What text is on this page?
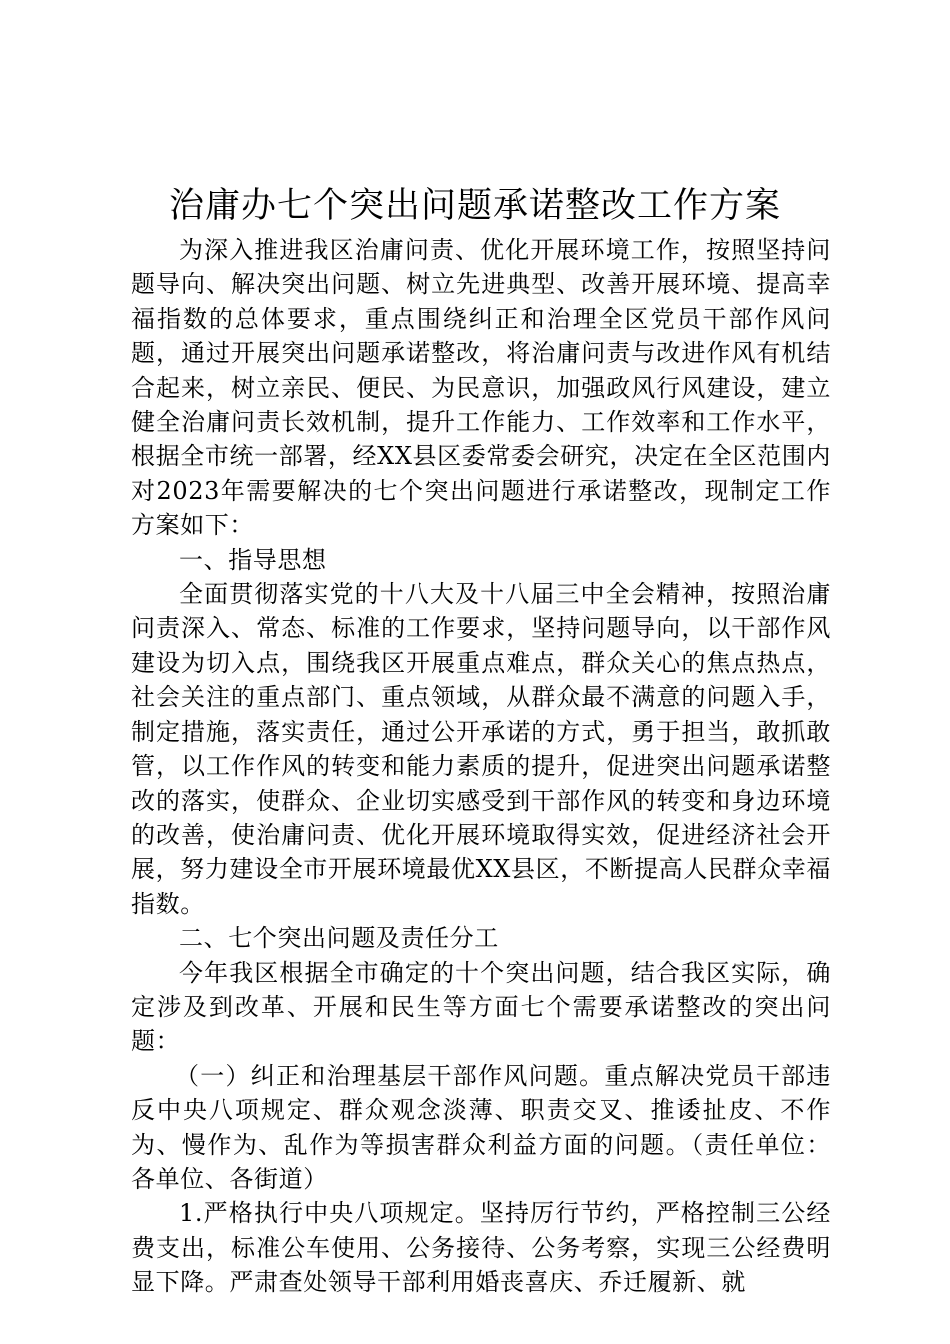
治庸办七个突出问题承诺整改工作方案

为深入推进我区治庸问责、优化开展环境工作，按照坚持问题导向、解决突出问题、树立先进典型、改善开展环境、提高幸福指数的总体要求，重点围绕纠正和治理全区党员干部作风问题，通过开展突出问题承诺整改，将治庸问责与改进作风有机结合起来，树立亲民、便民、为民意识，加强政风行风建设，建立健全治庸问责长效机制，提升工作能力、工作效率和工作水平，根据全市统一部署，经XX县区委常委会研究，决定在全区范围内对2023年需要解决的七个突出问题进行承诺整改，现制定工作方案如下：

一、指导思想

全面贯彻落实党的十八大及十八届三中全会精神，按照治庸问责深入、常态、标准的工作要求，坚持问题导向，以干部作风建设为切入点，围绕我区开展重点难点，群众关心的焦点热点，社会关注的重点部门、重点领域，从群众最不满意的问题入手，制定措施，落实责任，通过公开承诺的方式，勇于担当，敢抓敢管，以工作作风的转变和能力素质的提升，促进突出问题承诺整改的落实，使群众、企业切实感受到干部作风的转变和身边环境的改善，使治庸问责、优化开展环境取得实效，促进经济社会开展，努力建设全市开展环境最优XX县区，不断提高人民群众幸福指数。

二、七个突出问题及责任分工

今年我区根据全市确定的十个突出问题，结合我区实际，确定涉及到改革、开展和民生等方面七个需要承诺整改的突出问题：

（一）纠正和治理基层干部作风问题。重点解决党员干部违反中央八项规定、群众观念淡薄、职责交叉、推诿扯皮、不作为、慢作为、乱作为等损害群众利益方面的问题。（责任单位：各单位、各街道）

1.严格执行中央八项规定。坚持厉行节约，严格控制三公经费支出，标准公车使用、公务接待、公务考察，实现三公经费明显下降。严肃查处领导干部利用婚丧喜庆、乔迁履新、就
